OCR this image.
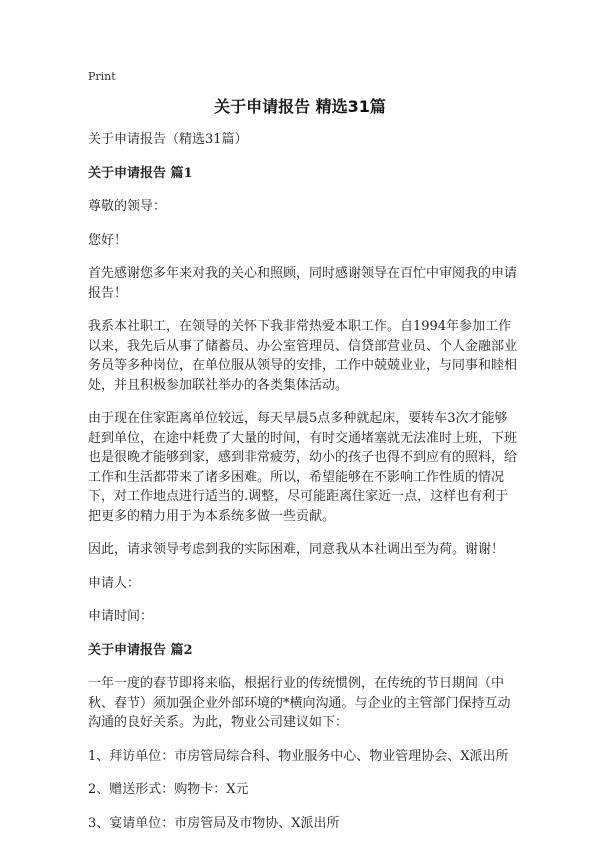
Print
关于申请报告 精选31篇

关于申请报告（精选31篇）

关于申请报告 篇1

尊敬的领导：

您好！

首先感谢您多年来对我的关心和照顾，同时感谢领导在百忙中审阅我的申请报告！

我系本社职工，在领导的关怀下我非常热爱本职工作。自1994年参加工作以来，我先后从事了储蓄员、办公室管理员、信贷部营业员、个人金融部业务员等多种岗位，在单位服从领导的安排，工作中兢兢业业，与同事和睦相处，并且积极参加联社举办的各类集体活动。

由于现在住家距离单位较远，每天早晨5点多种就起床，要转车3次才能够赶到单位，在途中耗费了大量的时间，有时交通堵塞就无法准时上班，下班也是很晚才能够到家，感到非常疲劳，幼小的孩子也得不到应有的照料，给工作和生活都带来了诸多困难。所以，希望能够在不影响工作性质的情况下，对工作地点进行适当的.调整，尽可能距离住家近一点，这样也有利于把更多的精力用于为本系统多做一些贡献。

因此，请求领导考虑到我的实际困难，同意我从本社调出至为荷。谢谢！

申请人：

申请时间：

关于申请报告 篇2

一年一度的春节即将来临，根据行业的传统惯例，在传统的节日期间（中秋、春节）须加强企业外部环境的*横向沟通。与企业的主管部门保持互动沟通的良好关系。为此，物业公司建议如下：

1、拜访单位：市房管局综合科、物业服务中心、物业管理协会、X派出所

2、赠送形式：购物卡：X元

3、宴请单位：市房管局及市物协、X派出所
